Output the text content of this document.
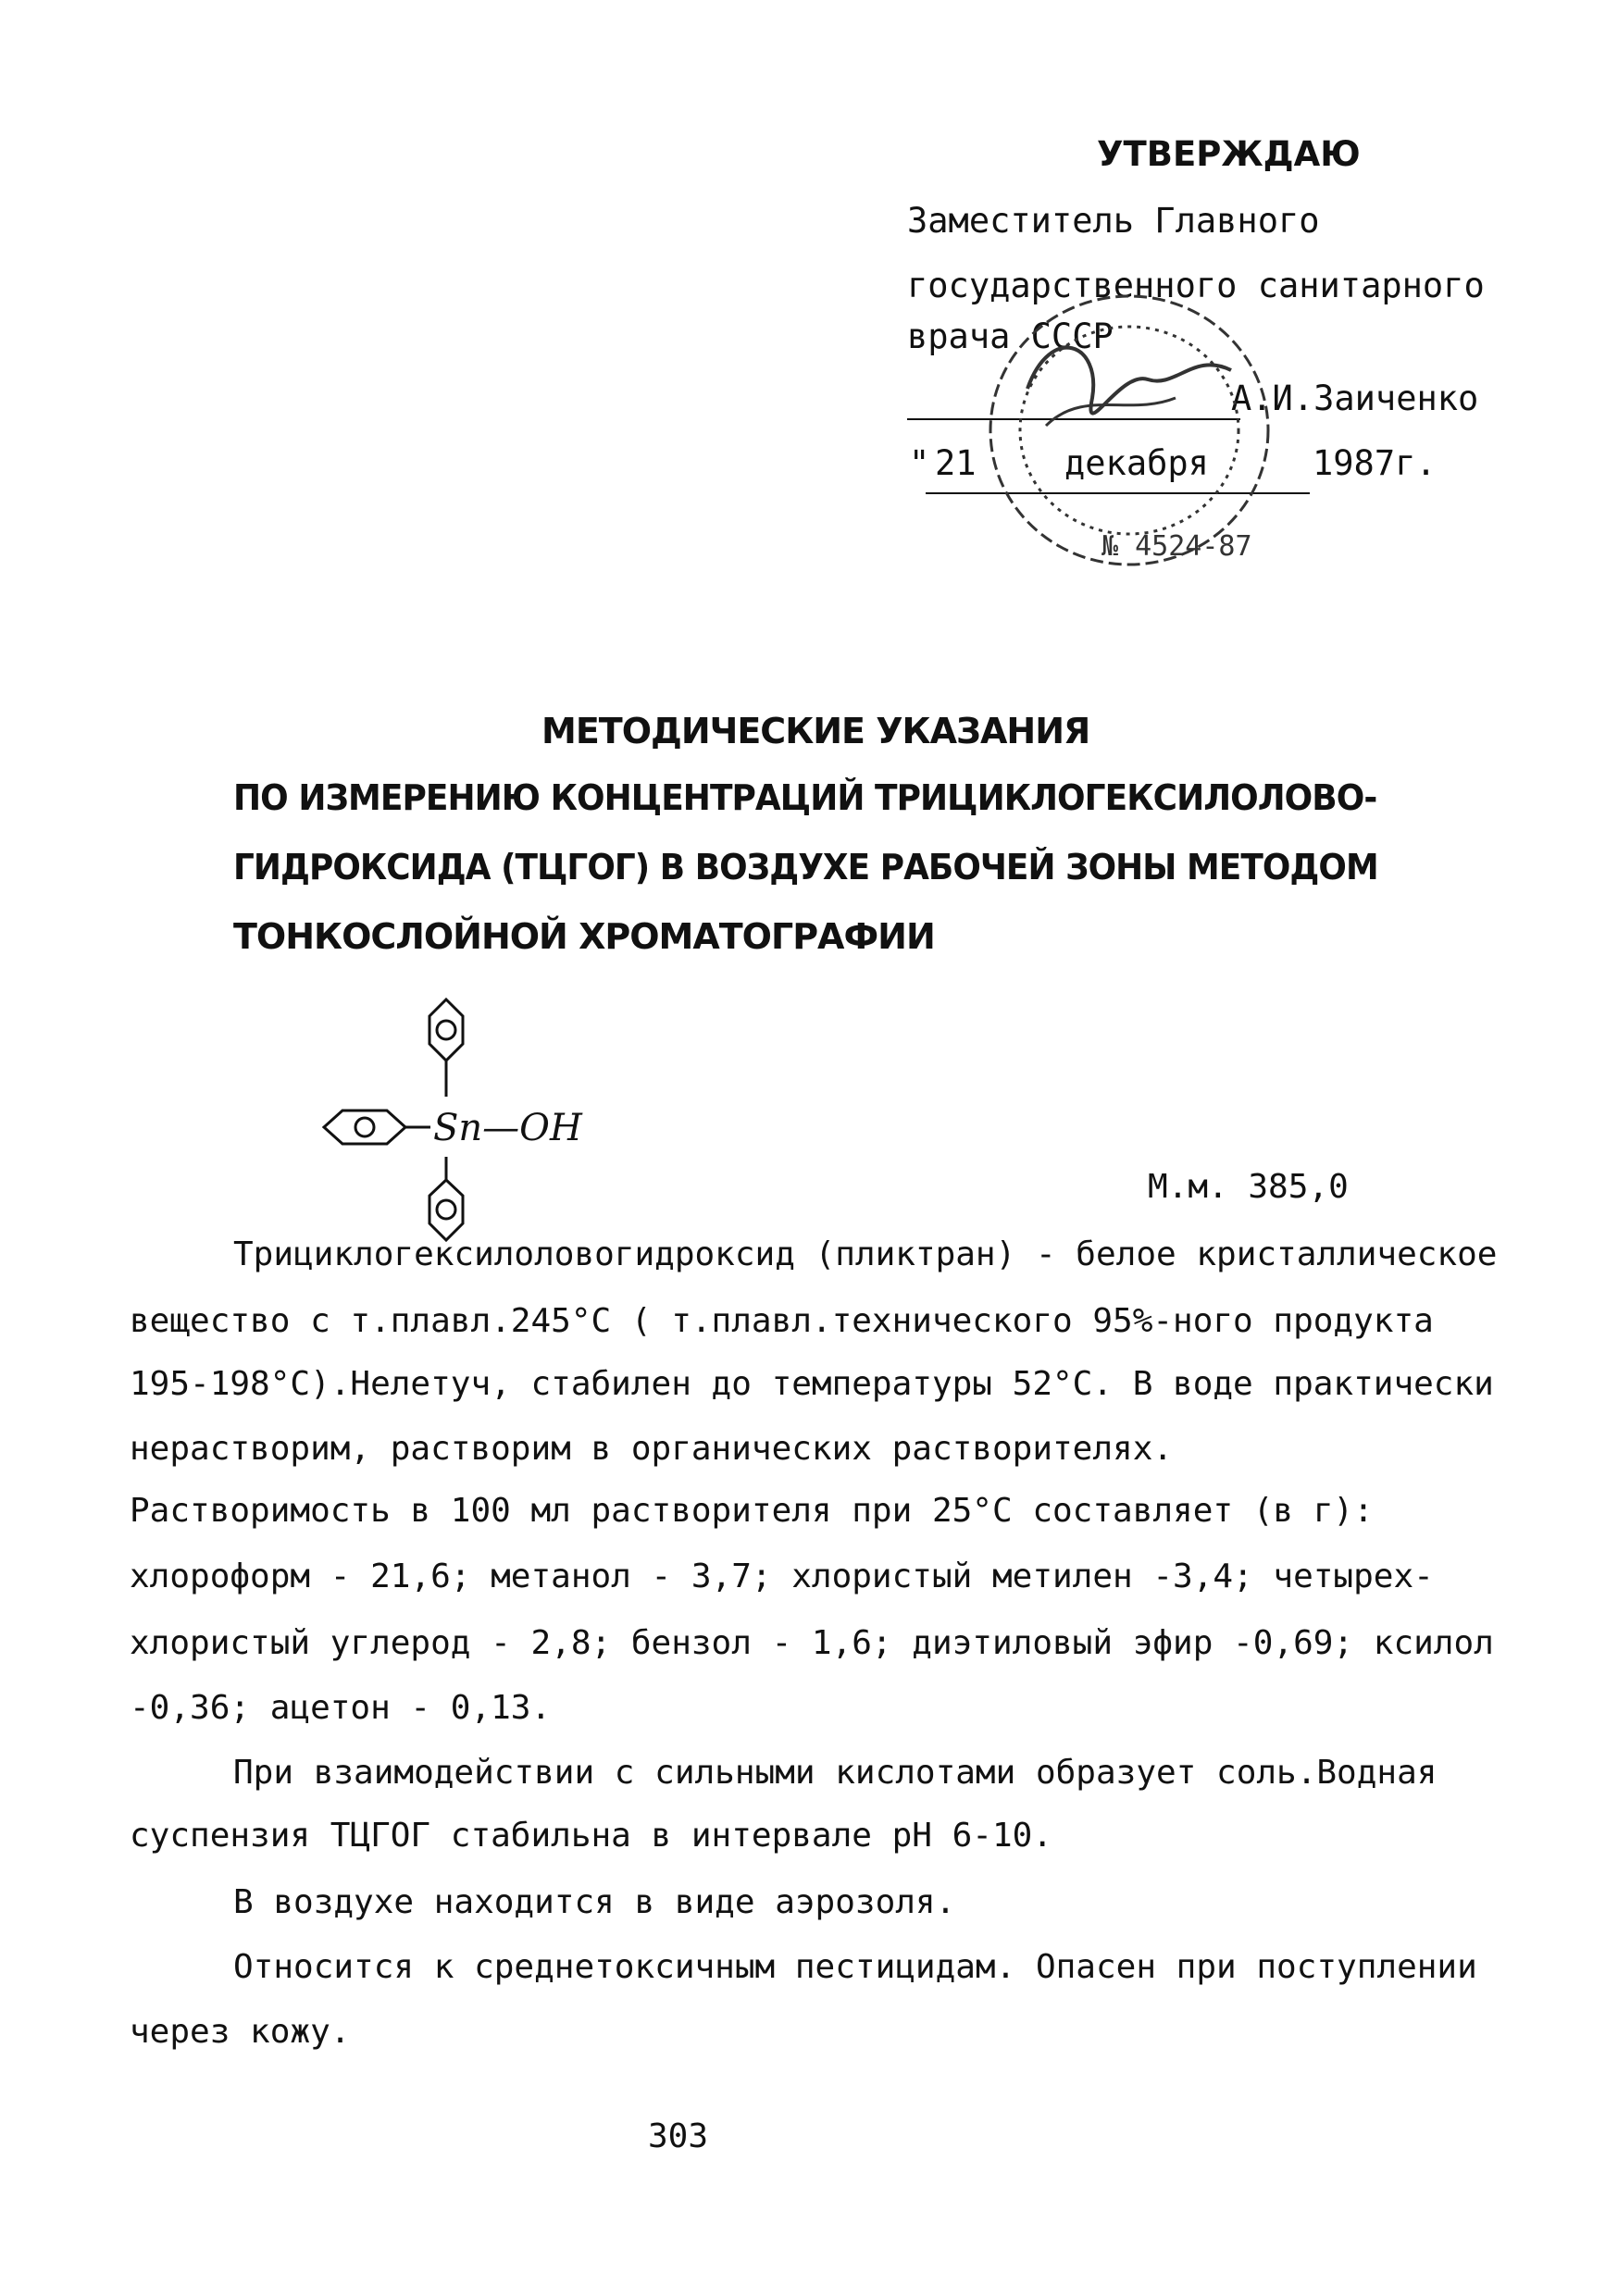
УТВЕРЖДАЮ
Заместитель Главного
государственного санитарного
врача СССР
А.И.Заиченко
" 21	декабря	1987г.
№ 4524-87
МЕТОДИЧЕСКИЕ УКАЗАНИЯ
ПО ИЗМЕРЕНИЮ КОНЦЕНТРАЦИЙ ТРИЦИКЛОГЕКСИЛОЛОВО-
ГИДРОКСИДА (ТЦГОГ) В ВОЗДУХЕ РАБОЧЕЙ ЗОНЫ МЕТОДОМ
ТОНКОСЛОЙНОЙ ХРОМАТОГРАФИИ
Sn—OH
М.м. 385,0
Трициклогексилоловогидроксид (пликтран) - белое кристаллическое
вещество с т.плавл.245°С ( т.плавл.технического 95%-ного продукта
195-198°С).Нелетуч, стабилен до температуры 52°С. В воде практически
нерастворим, растворим в органических растворителях.
Растворимость в 100 мл растворителя при 25°С составляет (в г):
хлороформ - 21,6; метанол - 3,7; хлористый метилен -3,4; четырех-
хлористый углерод - 2,8; бензол - 1,6; диэтиловый эфир -0,69; ксилол
-0,36; ацетон - 0,13.
При взаимодействии с сильными кислотами образует соль.Водная
суспензия ТЦГОГ стабильна в интервале рН 6-10.
В воздухе находится в виде аэрозоля.
Относится к среднетоксичным пестицидам. Опасен при поступлении
через кожу.
303
